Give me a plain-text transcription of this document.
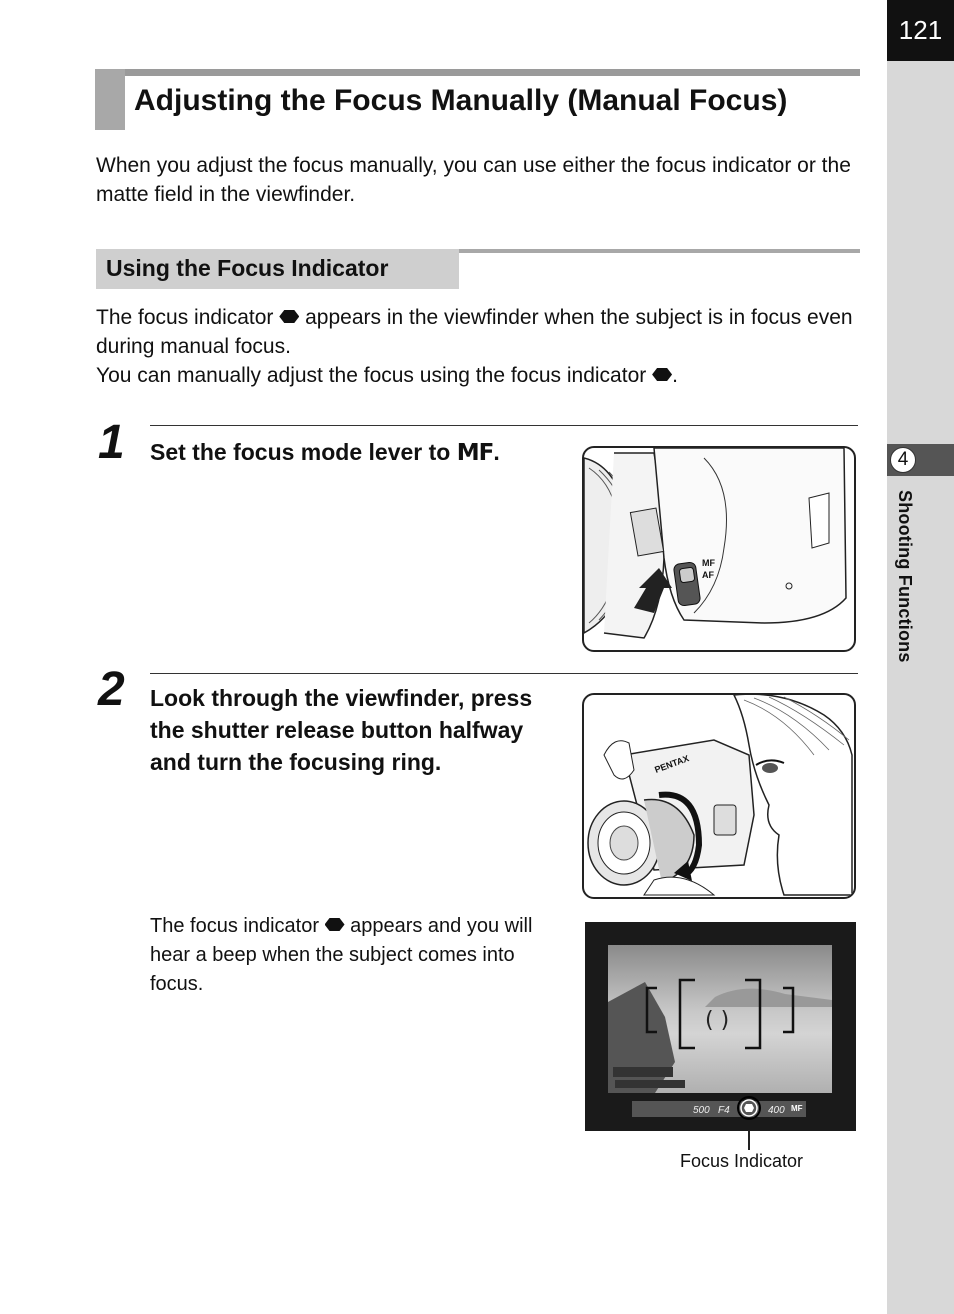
121
4
Shooting Functions
Adjusting the Focus Manually (Manual Focus)
When you adjust the focus manually, you can use either the focus indicator or the matte field in the viewfinder.
Using the Focus Indicator
The focus indicator  appears in the viewfinder when the subject is in focus even during manual focus.
You can manually adjust the focus using the focus indicator .
1 Set the focus mode lever to MF.
MF
AF
2 Look through the viewfinder, press the shutter release button halfway and turn the focusing ring.	PENTAX
The focus indicator  appears and you will hear a beep when the subject comes into focus.
( )
500 F4	400 MF
Focus Indicator
